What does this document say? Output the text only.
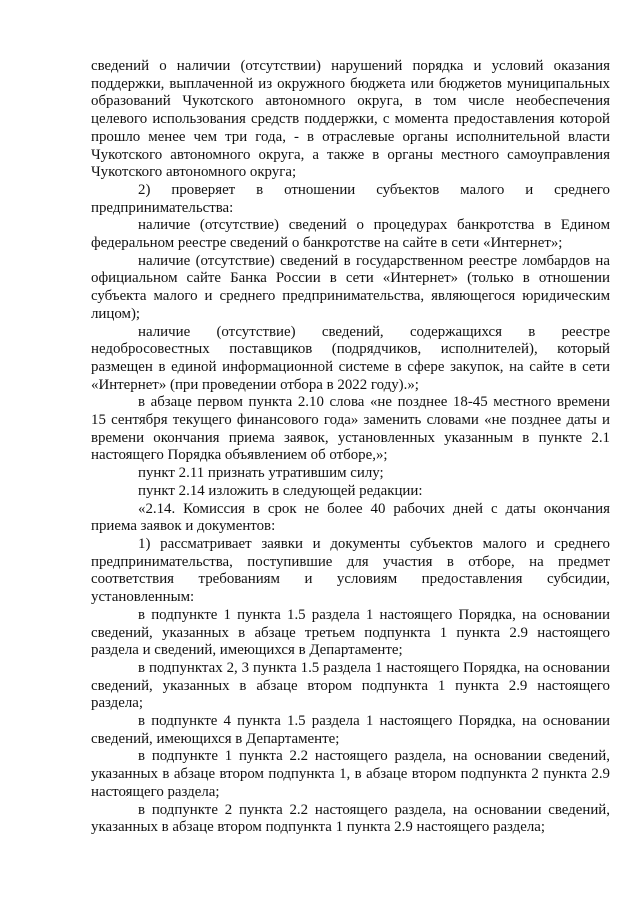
сведений о наличии (отсутствии) нарушений порядка и условий оказания поддержки, выплаченной из окружного бюджета или бюджетов муниципальных образований Чукотского автономного округа, в том числе необеспечения целевого использования средств поддержки, с момента предоставления которой прошло менее чем три года, - в отраслевые органы исполнительной власти Чукотского автономного округа, а также в органы местного самоуправления Чукотского автономного округа;

2) проверяет в отношении субъектов малого и среднего предпринимательства:

наличие (отсутствие) сведений о процедурах банкротства в Едином федеральном реестре сведений о банкротстве на сайте в сети «Интернет»;

наличие (отсутствие) сведений в государственном реестре ломбардов на официальном сайте Банка России в сети «Интернет» (только в отношении субъекта малого и среднего предпринимательства, являющегося юридическим лицом);

наличие (отсутствие) сведений, содержащихся в реестре недобросовестных поставщиков (подрядчиков, исполнителей), который размещен в единой информационной системе в сфере закупок, на сайте в сети «Интернет» (при проведении отбора в 2022 году).»;

в абзаце первом пункта 2.10 слова «не позднее 18-45 местного времени 15 сентября текущего финансового года» заменить словами «не позднее даты и времени окончания приема заявок, установленных указанным в пункте 2.1 настоящего Порядка объявлением об отборе,»;

пункт 2.11 признать утратившим силу;

пункт 2.14 изложить в следующей редакции:

«2.14. Комиссия в срок не более 40 рабочих дней с даты окончания приема заявок и документов:

1) рассматривает заявки и документы субъектов малого и среднего предпринимательства, поступившие для участия в отборе, на предмет соответствия требованиям и условиям предоставления субсидии, установленным:

в подпункте 1 пункта 1.5 раздела 1 настоящего Порядка, на основании сведений, указанных в абзаце третьем подпункта 1 пункта 2.9 настоящего раздела и сведений, имеющихся в Департаменте;

в подпунктах 2, 3 пункта 1.5 раздела 1 настоящего Порядка, на основании сведений, указанных в абзаце втором подпункта 1 пункта 2.9 настоящего раздела;

в подпункте 4 пункта 1.5 раздела 1 настоящего Порядка, на основании сведений, имеющихся в Департаменте;

в подпункте 1 пункта 2.2 настоящего раздела, на основании сведений, указанных в абзаце втором подпункта 1, в абзаце втором подпункта 2 пункта 2.9 настоящего раздела;

в подпункте 2 пункта 2.2 настоящего раздела, на основании сведений, указанных в абзаце втором подпункта 1 пункта 2.9 настоящего раздела;
